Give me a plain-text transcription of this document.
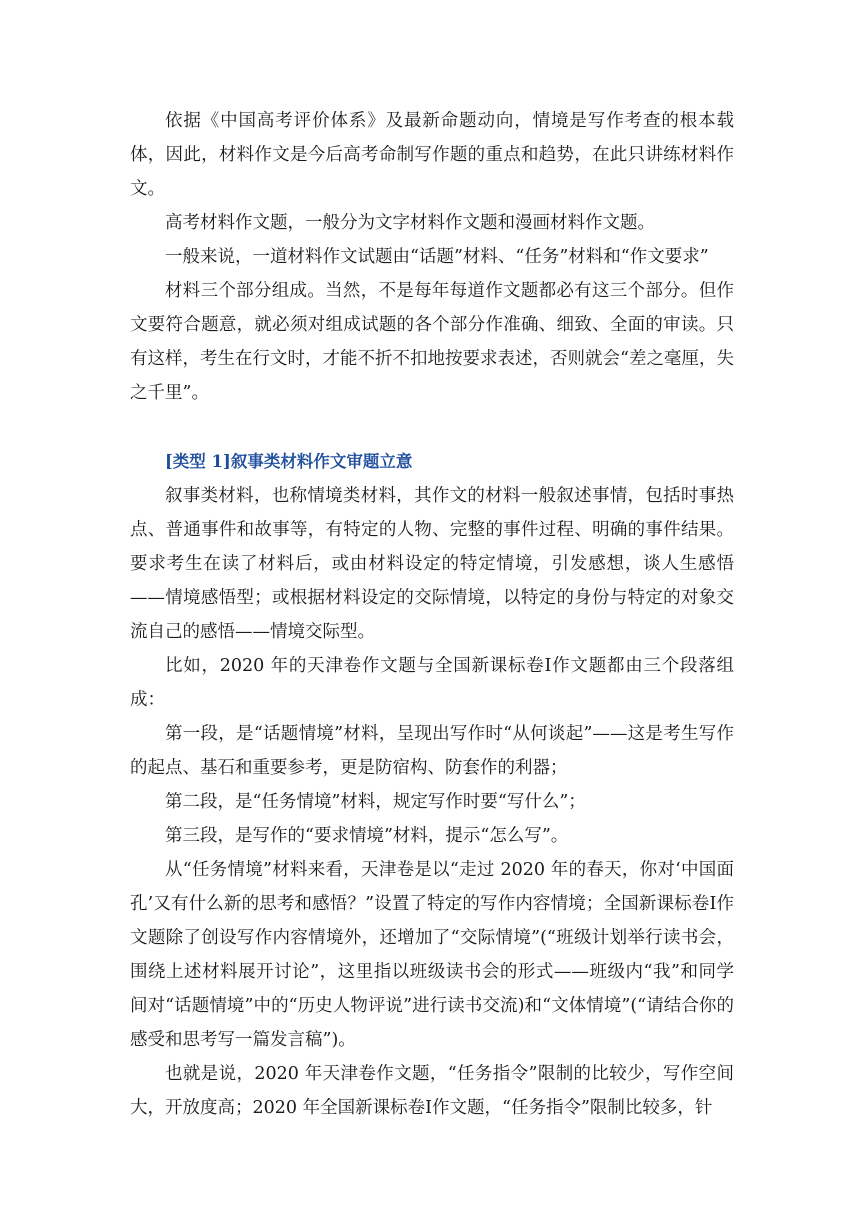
依据《中国高考评价体系》及最新命题动向，情境是写作考查的根本载体，因此，材料作文是今后高考命制写作题的重点和趋势，在此只讲练材料作文。

高考材料作文题，一般分为文字材料作文题和漫画材料作文题。

一般来说，一道材料作文试题由“话题”材料、“任务”材料和“作文要求”

材料三个部分组成。当然，不是每年每道作文题都必有这三个部分。但作文要符合题意，就必须对组成试题的各个部分作准确、细致、全面的审读。只有这样，考生在行文时，才能不折不扣地按要求表述，否则就会“差之毫厘，失之千里”。

[类型 1]叙事类材料作文审题立意

叙事类材料，也称情境类材料，其作文的材料一般叙述事情，包括时事热点、普通事件和故事等，有特定的人物、完整的事件过程、明确的事件结果。要求考生在读了材料后，或由材料设定的特定情境，引发感想，谈人生感悟——情境感悟型；或根据材料设定的交际情境，以特定的身份与特定的对象交流自己的感悟——情境交际型。

比如，2020 年的天津卷作文题与全国新课标卷Ⅰ作文题都由三个段落组成：

第一段，是“话题情境”材料，呈现出写作时“从何谈起”——这是考生写作的起点、基石和重要参考，更是防宿构、防套作的利器；

第二段，是“任务情境”材料，规定写作时要“写什么”；

第三段，是写作的“要求情境”材料，提示“怎么写”。

从“任务情境”材料来看，天津卷是以“走过 2020 年的春天，你对‘中国面孔’又有什么新的思考和感悟？”设置了特定的写作内容情境；全国新课标卷Ⅰ作文题除了创设写作内容情境外，还增加了“交际情境”(“班级计划举行读书会，围绕上述材料展开讨论”，这里指以班级读书会的形式——班级内“我”和同学间对“话题情境”中的“历史人物评说”进行读书交流)和“文体情境”(“请结合你的感受和思考写一篇发言稿”)。

也就是说，2020 年天津卷作文题，“任务指令”限制的比较少，写作空间大，开放度高；2020 年全国新课标卷Ⅰ作文题，“任务指令”限制比较多，针
